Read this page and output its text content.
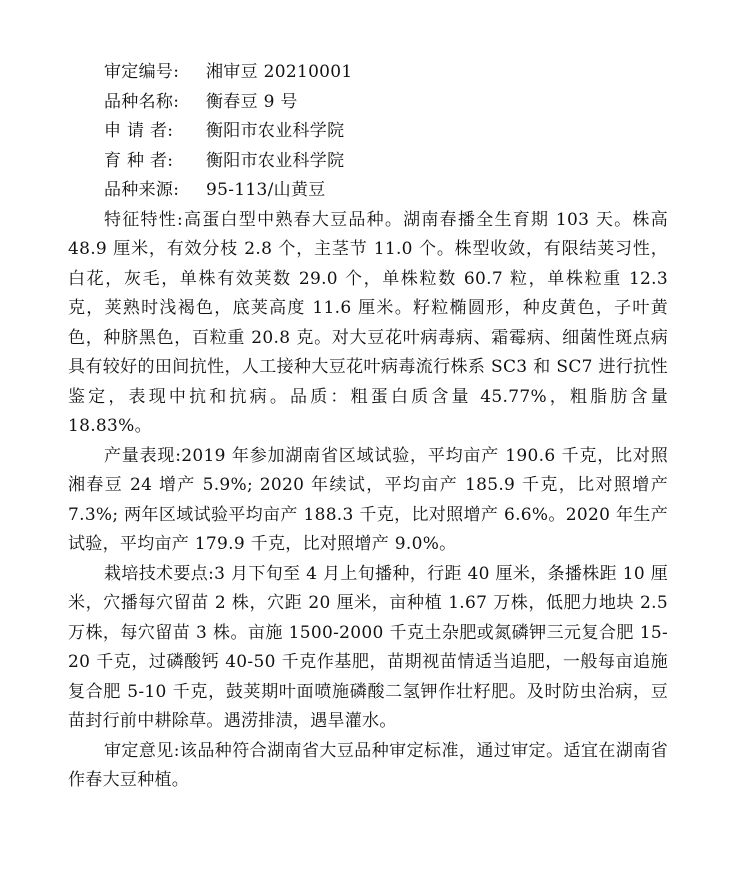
审定编号: 湘审豆 20210001
品种名称: 衡春豆 9 号
申 请 者: 衡阳市农业科学院
育 种 者: 衡阳市农业科学院
品种来源: 95-113/山黄豆

特征特性:高蛋白型中熟春大豆品种。湖南春播全生育期 103 天。株高 48.9 厘米，有效分枝 2.8 个，主茎节 11.0 个。株型收敛，有限结荚习性，白花，灰毛，单株有效荚数 29.0 个，单株粒数 60.7 粒，单株粒重 12.3 克，荚熟时浅褐色，底荚高度 11.6 厘米。籽粒椭圆形，种皮黄色，子叶黄色，种脐黑色，百粒重 20.8 克。对大豆花叶病毒病、霜霉病、细菌性斑点病具有较好的田间抗性，人工接种大豆花叶病毒流行株系 SC3 和 SC7 进行抗性鉴定，表现中抗和抗病。品质：粗蛋白质含量 45.77%，粗脂肪含量 18.83%。

产量表现:2019 年参加湖南省区域试验，平均亩产 190.6 千克，比对照湘春豆 24 增产 5.9%; 2020 年续试，平均亩产 185.9 千克，比对照增产 7.3%; 两年区域试验平均亩产 188.3 千克，比对照增产 6.6%。2020 年生产试验，平均亩产 179.9 千克，比对照增产 9.0%。

栽培技术要点:3 月下旬至 4 月上旬播种，行距 40 厘米，条播株距 10 厘米，穴播每穴留苗 2 株，穴距 20 厘米，亩种植 1.67 万株，低肥力地块 2.5 万株，每穴留苗 3 株。亩施 1500-2000 千克土杂肥或氮磷钾三元复合肥 15-20 千克，过磷酸钙 40-50 千克作基肥，苗期视苗情适当追肥，一般每亩追施复合肥 5-10 千克，鼓荚期叶面喷施磷酸二氢钾作壮籽肥。及时防虫治病，豆苗封行前中耕除草。遇涝排渍，遇旱灌水。

审定意见:该品种符合湖南省大豆品种审定标准，通过审定。适宜在湖南省作春大豆种植。
